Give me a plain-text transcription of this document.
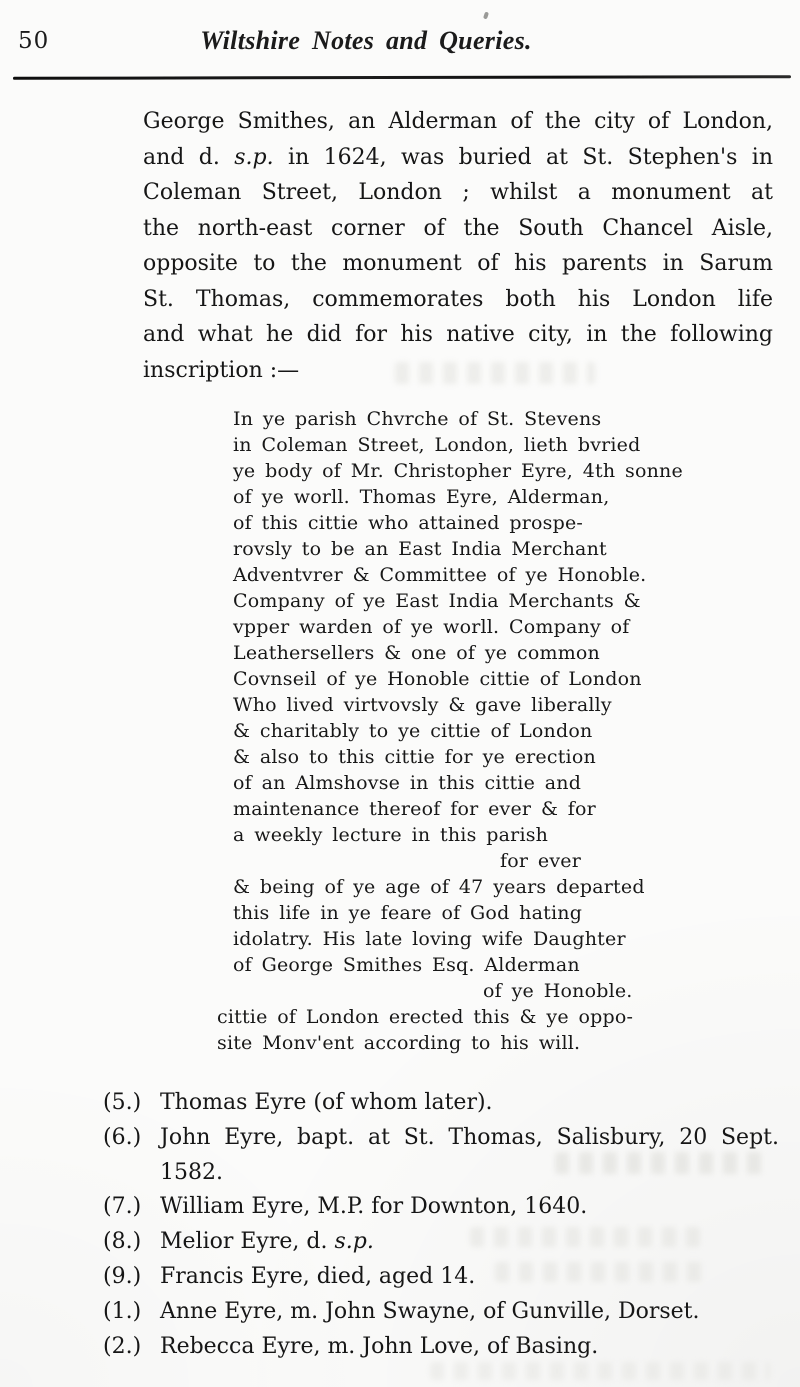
50	Wiltshire Notes and Queries.
George Smithes, an Alderman of the city of London,
and d. s.p. in 1624, was buried at St. Stephen's in
Coleman Street, London ; whilst a monument at
the north-east corner of the South Chancel Aisle,
opposite to the monument of his parents in Sarum
St. Thomas, commemorates both his London life
and what he did for his native city, in the following
inscription :—
In ye parish Chvrche of St. Stevens
in Coleman Street, London, lieth bvried
ye body of Mr. Christopher Eyre, 4th sonne
of ye worll. Thomas Eyre, Alderman,
of this cittie who attained prospe-
rovsly to be an East India Merchant
Adventvrer & Committee of ye Honoble.
Company of ye East India Merchants &
vpper warden of ye worll. Company of
Leathersellers & one of ye common
Covnseil of ye Honoble cittie of London
Who lived virtvovsly & gave liberally
& charitably to ye cittie of London
& also to this cittie for ye erection
of an Almshovse in this cittie and
maintenance thereof for ever & for
a weekly lecture in this parish
for ever
& being of ye age of 47 years departed
this life in ye feare of God hating
idolatry. His late loving wife Daughter
of George Smithes Esq. Alderman
of ye Honoble.
cittie of London erected this & ye oppo-
site Monv'ent according to his will.
(5.) Thomas Eyre (of whom later).
(6.) John Eyre, bapt. at St. Thomas, Salisbury, 20 Sept.
1582.
(7.) William Eyre, M.P. for Downton, 1640.
(8.) Melior Eyre, d. s.p.
(9.) Francis Eyre, died, aged 14.
(1.) Anne Eyre, m. John Swayne, of Gunville, Dorset.
(2.) Rebecca Eyre, m. John Love, of Basing.
